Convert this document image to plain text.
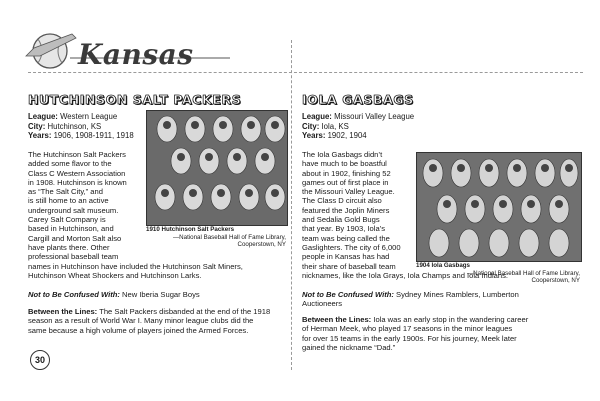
Kansas
HUTCHINSON SALT PACKERS
League: Western League
City: Hutchinson, KS
Years: 1906, 1908-1911, 1918
The Hutchinson Salt Packers
added some flavor to the
Class C Western Association
in 1908. Hutchinson is known
as “The Salt City,” and
is still home to an active
underground salt museum.
Carey Salt Company is
based in Hutchinson, and
Cargill and Morton Salt also
have plants there. Other
professional baseball team
names in Hutchinson have included the Hutchinson Salt Miners,
Hutchinson Wheat Shockers and Hutchinson Larks.
1910 Hutchinson Salt Packers
—National Baseball Hall of Fame Library,
Cooperstown, NY
Not to Be Confused With: New Iberia Sugar Boys
Between the Lines: The Salt Packers disbanded at the end of the 1918
season as a result of World War I. Many minor league clubs did the
same because a high volume of players joined the Armed Forces.
IOLA GASBAGS
League: Missouri Valley League
City: Iola, KS
Years: 1902, 1904
The Iola Gasbags didn’t
have much to be boastful
about in 1902, finishing 52
games out of first place in
the Missouri Valley League.
The Class D circuit also
featured the Joplin Miners
and Sedalia Gold Bugs
that year. By 1903, Iola’s
team was being called the
Gaslighters. The city of 6,000
people in Kansas has had
their share of baseball team
nicknames, like the Iola Grays, Iola Champs and Iola Indians.
1904 Iola Gasbags
—National Baseball Hall of Fame Library,
Cooperstown, NY
Not to Be Confused With: Sydney Mines Ramblers, Lumberton
Auctioneers
Between the Lines: Iola was an early stop in the wandering career
of Herman Meek, who played 17 seasons in the minor leagues
for over 15 teams in the early 1900s. For his journey, Meek later
gained the nickname “Dad.”
30
